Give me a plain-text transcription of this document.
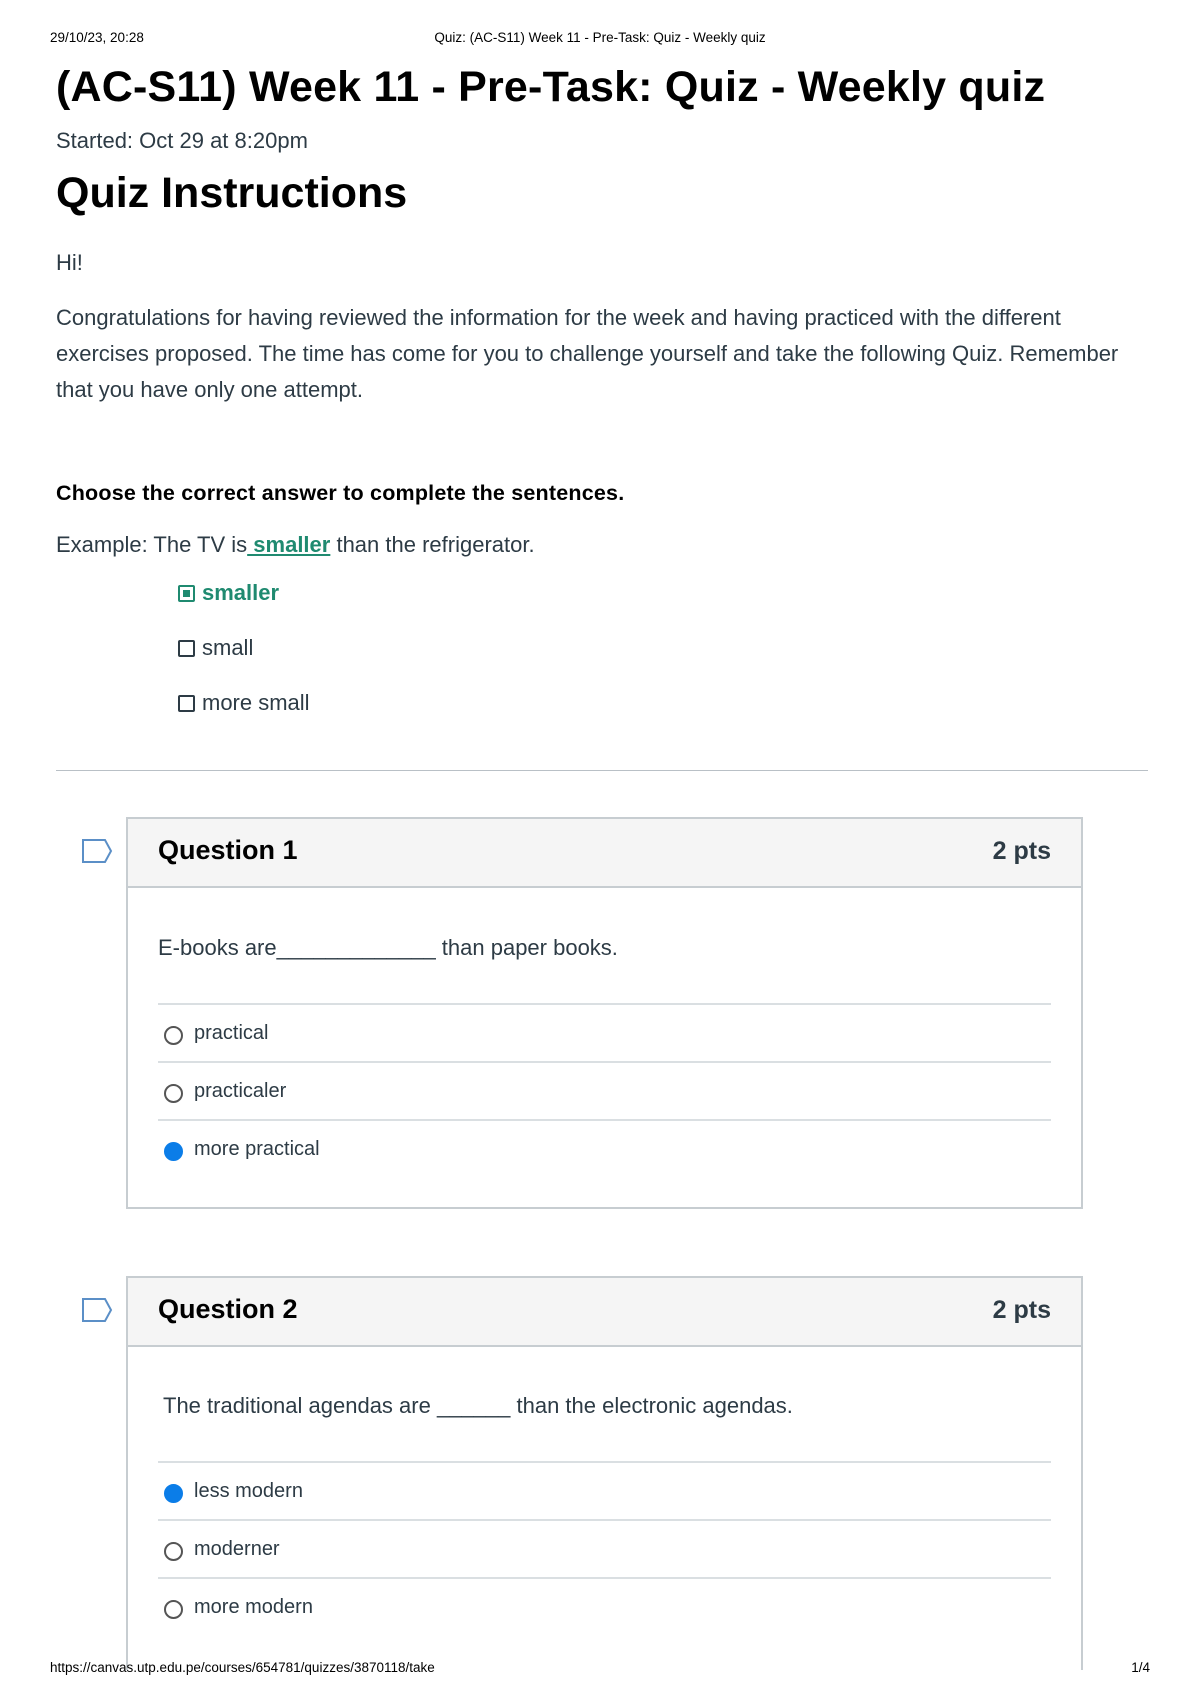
29/10/23, 20:28	Quiz: (AC-S11) Week 11 - Pre-Task: Quiz - Weekly quiz
(AC-S11) Week 11 - Pre-Task: Quiz - Weekly quiz
Started: Oct 29 at 8:20pm
Quiz Instructions

Hi!

Congratulations for having reviewed the information for the week and having practiced with the different exercises proposed. The time has come for you to challenge yourself and take the following Quiz. Remember that you have only one attempt.

Choose the correct answer to complete the sentences.

Example: The TV is smaller than the refrigerator.

smaller
small
more small
Question 1	2 pts

E-books are_____________ than paper books.

practical
practicaler
more practical
Question 2	2 pts

The traditional agendas are ______ than the electronic agendas.

less modern
moderner
more modern
https://canvas.utp.edu.pe/courses/654781/quizzes/3870118/take	1/4
